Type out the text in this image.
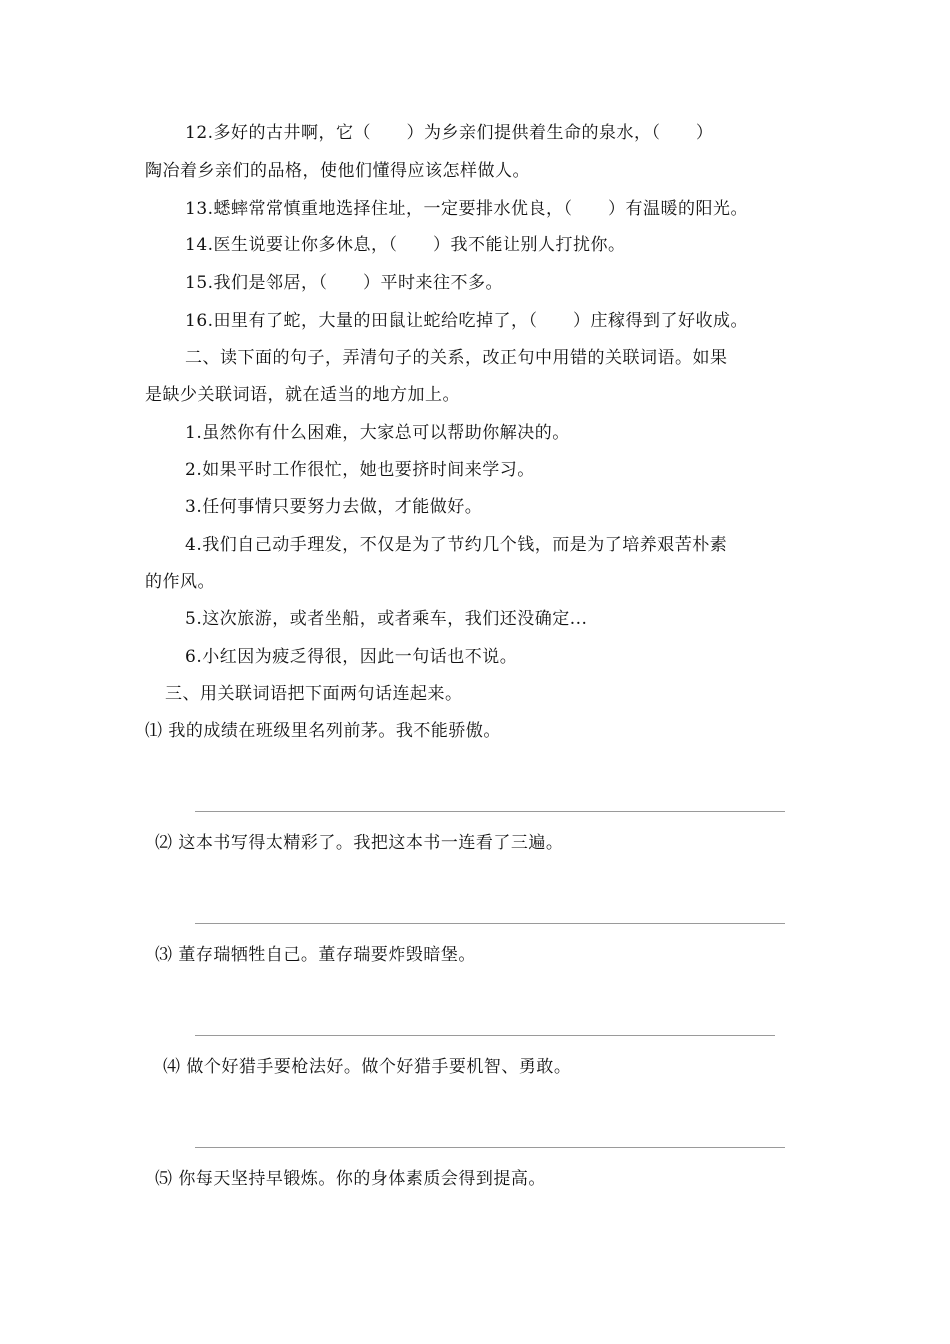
12.多好的古井啊，它（      ）为乡亲们提供着生命的泉水，（      ）
陶冶着乡亲们的品格，使他们懂得应该怎样做人。
13.蟋蟀常常慎重地选择住址，一定要排水优良，（      ）有温暖的阳光。
14.医生说要让你多休息，（      ）我不能让别人打扰你。
15.我们是邻居，（      ）平时来往不多。
16.田里有了蛇，大量的田鼠让蛇给吃掉了，（      ）庄稼得到了好收成。
二、读下面的句子，弄清句子的关系，改正句中用错的关联词语。如果
是缺少关联词语，就在适当的地方加上。
1.虽然你有什么困难，大家总可以帮助你解决的。
2.如果平时工作很忙，她也要挤时间来学习。
3.任何事情只要努力去做，才能做好。
4.我们自己动手理发，不仅是为了节约几个钱，而是为了培养艰苦朴素
的作风。
5.这次旅游，或者坐船，或者乘车，我们还没确定...
6.小红因为疲乏得很，因此一句话也不说。
三、用关联词语把下面两句话连起来。
⑴ 我的成绩在班级里名列前茅。我不能骄傲。
⑵ 这本书写得太精彩了。我把这本书一连看了三遍。
⑶ 董存瑞牺牲自己。董存瑞要炸毁暗堡。
⑷ 做个好猎手要枪法好。做个好猎手要机智、勇敢。
⑸ 你每天坚持早锻炼。你的身体素质会得到提高。
